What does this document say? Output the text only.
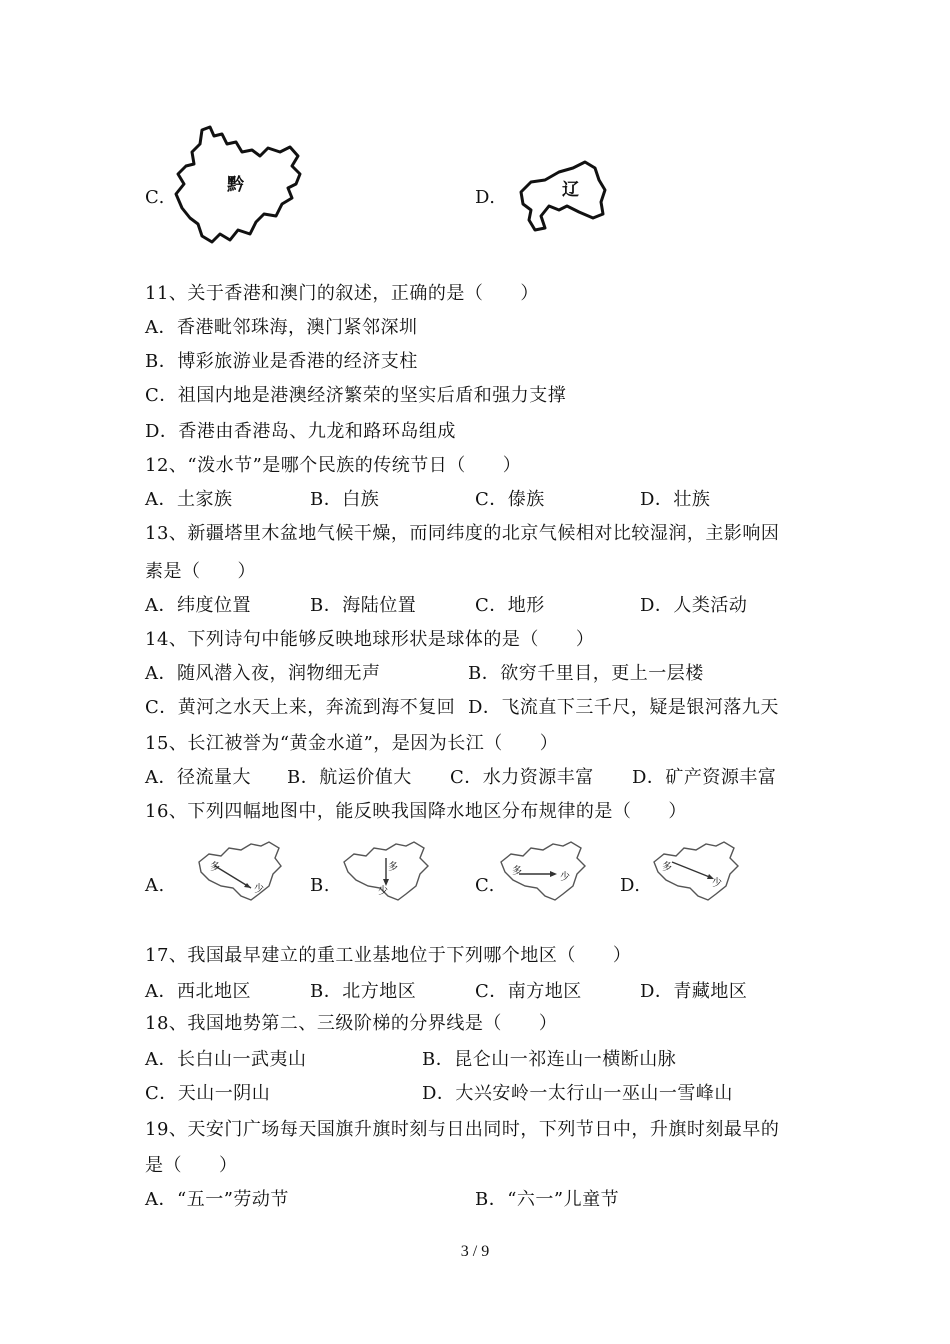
C.
黔
D.	辽
11、关于香港和澳门的叙述，正确的是（　　）
A．香港毗邻珠海，澳门紧邻深圳
B．博彩旅游业是香港的经济支柱
C．祖国内地是港澳经济繁荣的坚实后盾和强力支撑
D．香港由香港岛、九龙和路环岛组成
12、“泼水节”是哪个民族的传统节日（　　）
A．土家族	B．白族	C．傣族	D．壮族
13、新疆塔里木盆地气候干燥，而同纬度的北京气候相对比较湿润，主影响因
素是（　　）
A．纬度位置	B．海陆位置	C．地形	D．人类活动
14、下列诗句中能够反映地球形状是球体的是（　　）
A．随风潜入夜，润物细无声	B．欲穷千里目，更上一层楼
C．黄河之水天上来，奔流到海不复回 D．飞流直下三千尺，疑是银河落九天
15、长江被誉为“黄金水道”，是因为长江（　　）
A．径流量大 B．航运价值大 C．水力资源丰富 D．矿产资源丰富
16、下列四幅地图中，能反映我国降水地区分布规律的是（　　）
A.
多
少	B.
多
少	C.
多
少	D.
多
少
17、我国最早建立的重工业基地位于下列哪个地区（　　）
A．西北地区	B．北方地区	C．南方地区	D．青藏地区
18、我国地势第二、三级阶梯的分界线是（　　）
A．长白山一武夷山	B．昆仑山一祁连山一横断山脉
C．天山一阴山	D．大兴安岭一太行山一巫山一雪峰山
19、天安门广场每天国旗升旗时刻与日出同时，下列节日中，升旗时刻最早的
是（　　）
A．“五一”劳动节	B．“六一”儿童节
3 / 9
